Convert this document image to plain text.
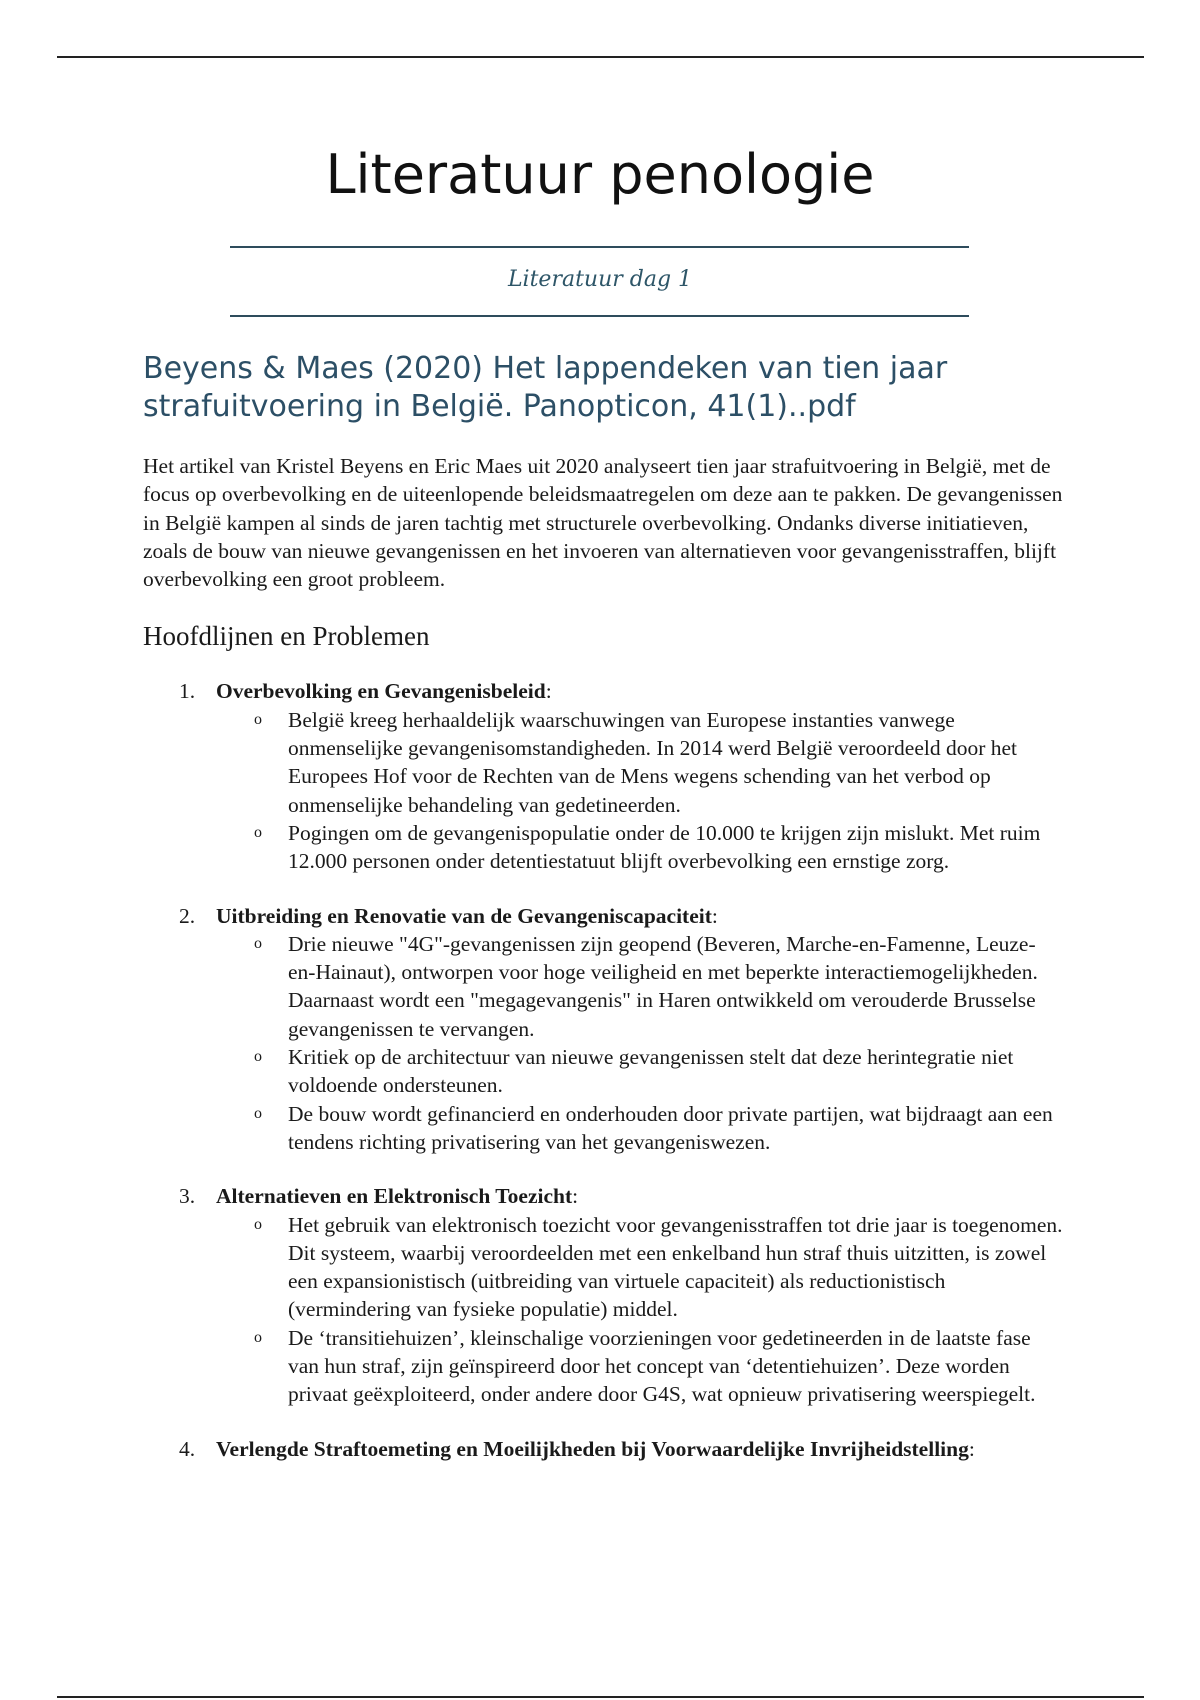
Literatuur penologie
Literatuur dag 1
Beyens & Maes (2020) Het lappendeken van tien jaar strafuitvoering in België. Panopticon, 41(1)..pdf

Het artikel van Kristel Beyens en Eric Maes uit 2020 analyseert tien jaar strafuitvoering in België, met de focus op overbevolking en de uiteenlopende beleidsmaatregelen om deze aan te pakken. De gevangenissen in België kampen al sinds de jaren tachtig met structurele overbevolking. Ondanks diverse initiatieven, zoals de bouw van nieuwe gevangenissen en het invoeren van alternatieven voor gevangenisstraffen, blijft overbevolking een groot probleem.

Hoofdlijnen en Problemen
1. Overbevolking en Gevangenisbeleid:
o België kreeg herhaaldelijk waarschuwingen van Europese instanties vanwege onmenselijke gevangenisomstandigheden. In 2014 werd België veroordeeld door het Europees Hof voor de Rechten van de Mens wegens schending van het verbod op onmenselijke behandeling van gedetineerden.
o Pogingen om de gevangenispopulatie onder de 10.000 te krijgen zijn mislukt. Met ruim 12.000 personen onder detentiestatuut blijft overbevolking een ernstige zorg.
2. Uitbreiding en Renovatie van de Gevangeniscapaciteit:
o Drie nieuwe "4G"-gevangenissen zijn geopend (Beveren, Marche-en-Famenne, Leuze-en-Hainaut), ontworpen voor hoge veiligheid en met beperkte interactiemogelijkheden. Daarnaast wordt een "megagevangenis" in Haren ontwikkeld om verouderde Brusselse gevangenissen te vervangen.
o Kritiek op de architectuur van nieuwe gevangenissen stelt dat deze herintegratie niet voldoende ondersteunen.
o De bouw wordt gefinancierd en onderhouden door private partijen, wat bijdraagt aan een tendens richting privatisering van het gevangeniswezen.
3. Alternatieven en Elektronisch Toezicht:
o Het gebruik van elektronisch toezicht voor gevangenisstraffen tot drie jaar is toegenomen. Dit systeem, waarbij veroordeelden met een enkelband hun straf thuis uitzitten, is zowel een expansionistisch (uitbreiding van virtuele capaciteit) als reductionistisch (vermindering van fysieke populatie) middel.
o De ‘transitiehuizen’, kleinschalige voorzieningen voor gedetineerden in de laatste fase van hun straf, zijn geïnspireerd door het concept van ‘detentiehuizen’. Deze worden privaat geëxploiteerd, onder andere door G4S, wat opnieuw privatisering weerspiegelt.
4. Verlengde Straftoemeting en Moeilijkheden bij Voorwaardelijke Invrijheidstelling:
